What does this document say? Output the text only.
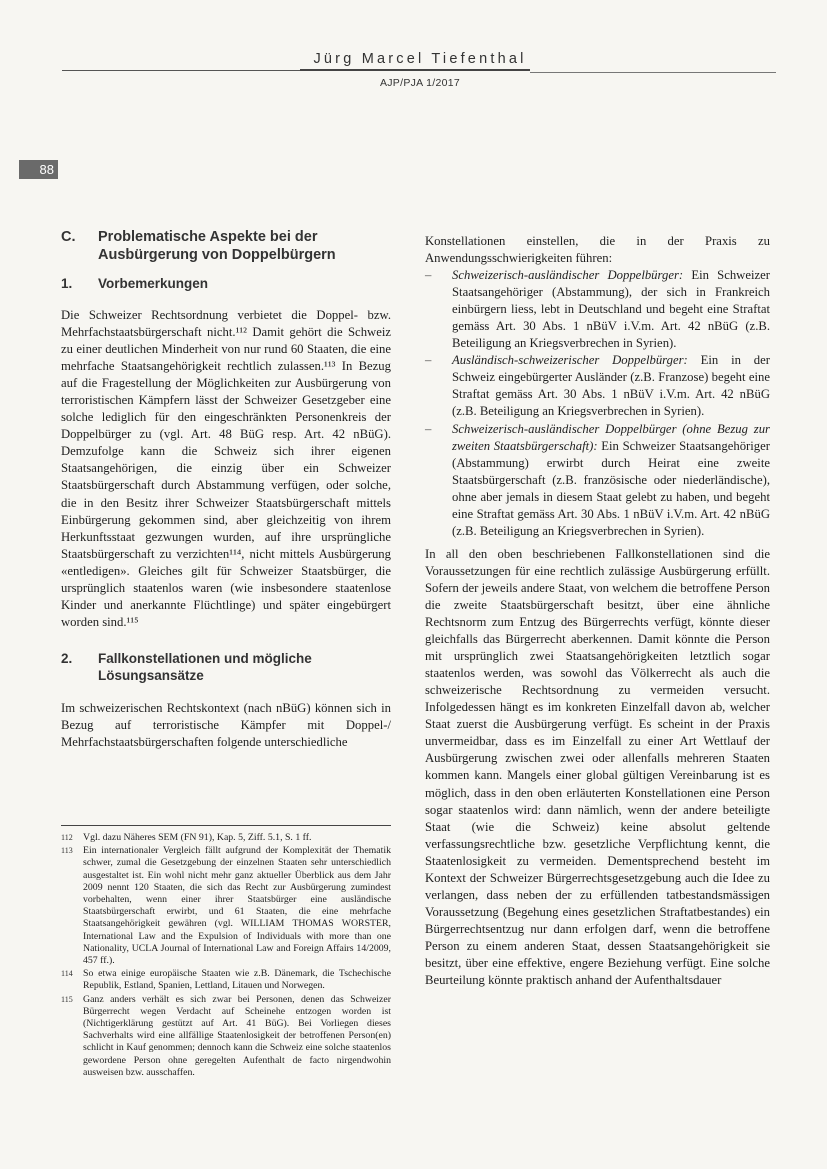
Jürg Marcel Tiefenthal
AJP/PJA 1/2017
88
C.	Problematische Aspekte bei der Ausbürgerung von Doppelbürgern
1.	Vorbemerkungen

Die Schweizer Rechtsordnung verbietet die Doppel- bzw. Mehrfachstaatsbürgerschaft nicht.¹¹² Damit gehört die Schweiz zu einer deutlichen Minderheit von nur rund 60 Staaten, die eine mehrfache Staatsangehörigkeit rechtlich zulassen.¹¹³ In Bezug auf die Fragestellung der Möglichkeiten zur Ausbürgerung von terroristischen Kämpfern lässt der Schweizer Gesetzgeber eine solche lediglich für den eingeschränkten Personenkreis der Doppelbürger zu (vgl. Art. 48 BüG resp. Art. 42 nBüG). Demzufolge kann die Schweiz sich ihrer eigenen Staatsangehörigen, die einzig über ein Schweizer Staatsbürgerschaft durch Abstammung verfügen, oder solche, die in den Besitz ihrer Schweizer Staatsbürgerschaft mittels Einbürgerung gekommen sind, aber gleichzeitig von ihrem Herkunftsstaat gezwungen wurden, auf ihre ursprüngliche Staatsbürgerschaft zu verzichten¹¹⁴, nicht mittels Ausbürgerung «entledigen». Gleiches gilt für Schweizer Staatsbürger, die ursprünglich staatenlos waren (wie insbesondere staatenlose Kinder und anerkannte Flüchtlinge) und später eingebürgert worden sind.¹¹⁵

2.	Fallkonstellationen und mögliche Lösungsansätze

Im schweizerischen Rechtskontext (nach nBüG) können sich in Bezug auf terroristische Kämpfer mit Doppel-/ Mehrfachstaatsbürgerschaften folgende unterschiedliche

112	Vgl. dazu Näheres SEM (FN 91), Kap. 5, Ziff. 5.1, S. 1 ff.
113	Ein internationaler Vergleich fällt aufgrund der Komplexität der Thematik schwer, zumal die Gesetzgebung der einzelnen Staaten sehr unterschiedlich ausgestaltet ist. Ein wohl nicht mehr ganz aktueller Überblick aus dem Jahr 2009 nennt 120 Staaten, die sich das Recht zur Ausbürgerung zumindest vorbehalten, wenn einer ihrer Staatsbürger eine ausländische Staatsbürgerschaft erwirbt, und 61 Staaten, die eine mehrfache Staatsangehörigkeit gewähren (vgl. WILLIAM THOMAS WORSTER, International Law and the Expulsion of Individuals with more than one Nationality, UCLA Journal of International Law and Foreign Affairs 14/2009, 457 ff.).
114	So etwa einige europäische Staaten wie z.B. Dänemark, die Tschechische Republik, Estland, Spanien, Lettland, Litauen und Norwegen.
115	Ganz anders verhält es sich zwar bei Personen, denen das Schweizer Bürgerrecht wegen Verdacht auf Scheinehe entzogen worden ist (Nichtigerklärung gestützt auf Art. 41 BüG). Bei Vorliegen dieses Sachverhalts wird eine allfällige Staatenlosigkeit der betroffenen Person(en) schlicht in Kauf genommen; dennoch kann die Schweiz eine solche staatenlos gewordene Person ohne geregelten Aufenthalt de facto nirgendwohin ausweisen bzw. ausschaffen.

Konstellationen einstellen, die in der Praxis zu Anwendungsschwierigkeiten führen:

–	Schweizerisch-ausländischer Doppelbürger: Ein Schweizer Staatsangehöriger (Abstammung), der sich in Frankreich einbürgern liess, lebt in Deutschland und begeht eine Straftat gemäss Art. 30 Abs. 1 nBüV i.V.m. Art. 42 nBüG (z.B. Beteiligung an Kriegsverbrechen in Syrien).
–	Ausländisch-schweizerischer Doppelbürger: Ein in der Schweiz eingebürgerter Ausländer (z.B. Franzose) begeht eine Straftat gemäss Art. 30 Abs. 1 nBüV i.V.m. Art. 42 nBüG (z.B. Beteiligung an Kriegsverbrechen in Syrien).
–	Schweizerisch-ausländischer Doppelbürger (ohne Bezug zur zweiten Staatsbürgerschaft): Ein Schweizer Staatsangehöriger (Abstammung) erwirbt durch Heirat eine zweite Staatsbürgerschaft (z.B. französische oder niederländische), ohne aber jemals in diesem Staat gelebt zu haben, und begeht eine Straftat gemäss Art. 30 Abs. 1 nBüV i.V.m. Art. 42 nBüG (z.B. Beteiligung an Kriegsverbrechen in Syrien).

In all den oben beschriebenen Fallkonstellationen sind die Voraussetzungen für eine rechtlich zulässige Ausbürgerung erfüllt. Sofern der jeweils andere Staat, von welchem die betroffene Person die zweite Staatsbürgerschaft besitzt, über eine ähnliche Rechtsnorm zum Entzug des Bürgerrechts verfügt, könnte dieser gleichfalls das Bürgerrecht aberkennen. Damit könnte die Person mit ursprünglich zwei Staatsangehörigkeiten letztlich sogar staatenlos werden, was sowohl das Völkerrecht als auch die schweizerische Rechtsordnung zu vermeiden versucht. Infolgedessen hängt es im konkreten Einzelfall davon ab, welcher Staat zuerst die Ausbürgerung verfügt. Es scheint in der Praxis unvermeidbar, dass es im Einzelfall zu einer Art Wettlauf der Ausbürgerung zwischen zwei oder allenfalls mehreren Staaten kommen kann. Mangels einer global gültigen Vereinbarung ist es möglich, dass in den oben erläuterten Konstellationen eine Person sogar staatenlos wird: dann nämlich, wenn der andere beteiligte Staat (wie die Schweiz) keine absolut geltende verfassungsrechtliche bzw. gesetzliche Verpflichtung kennt, die Staatenlosigkeit zu vermeiden. Dementsprechend besteht im Kontext der Schweizer Bürgerrechtsgesetzgebung auch die Idee zu verlangen, dass neben der zu erfüllenden tatbestandsmässigen Voraussetzung (Begehung eines gesetzlichen Straftatbestandes) ein Bürgerrechtsentzug nur dann erfolgen darf, wenn die betroffene Person zu einem anderen Staat, dessen Staatsangehörigkeit sie besitzt, über eine effektive, engere Beziehung verfügt. Eine solche Beurteilung könnte praktisch anhand der Aufenthaltsdauer
